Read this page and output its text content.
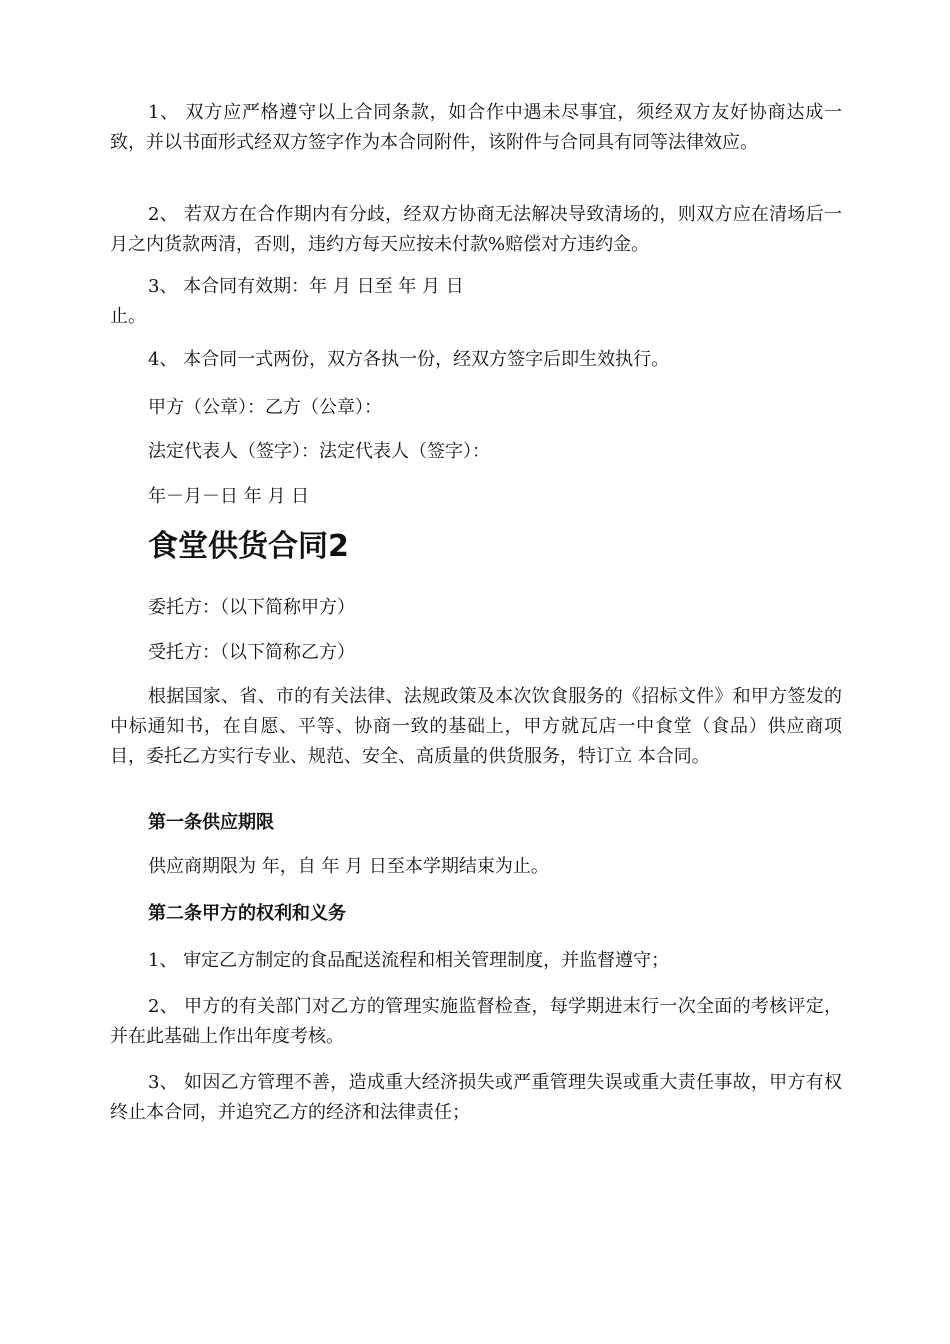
1、 双方应严格遵守以上合同条款，如合作中遇未尽事宜，须经双方友好协商达成一致，并以书面形式经双方签字作为本合同附件，该附件与合同具有同等法律效应。

2、 若双方在合作期内有分歧，经双方协商无法解决导致清场的，则双方应在清场后一月之内货款两清，否则，违约方每天应按未付款%赔偿对方违约金。

3、 本合同有效期：年 月 日至 年 月 日

止。

4、 本合同一式两份，双方各执一份，经双方签字后即生效执行。

甲方（公章）：乙方（公章）：

法定代表人（签字）：法定代表人（签字）：

年－月－日 年 月 日

食堂供货合同2

委托方：（以下简称甲方）

受托方：（以下简称乙方）

根据国家、省、市的有关法律、法规政策及本次饮食服务的《招标文件》和甲方签发的中标通知书，在自愿、平等、协商一致的基础上，甲方就瓦店一中食堂（食品）供应商项目，委托乙方实行专业、规范、安全、高质量的供货服务，特订立 本合同。

第一条供应期限

供应商期限为 年，自 年 月 日至本学期结束为止。

第二条甲方的权利和义务

1、 审定乙方制定的食品配送流程和相关管理制度，并监督遵守；

2、 甲方的有关部门对乙方的管理实施监督检查，每学期进末行一次全面的考核评定，并在此基础上作出年度考核。

3、 如因乙方管理不善，造成重大经济损失或严重管理失误或重大责任事故，甲方有权终止本合同，并追究乙方的经济和法律责任；
